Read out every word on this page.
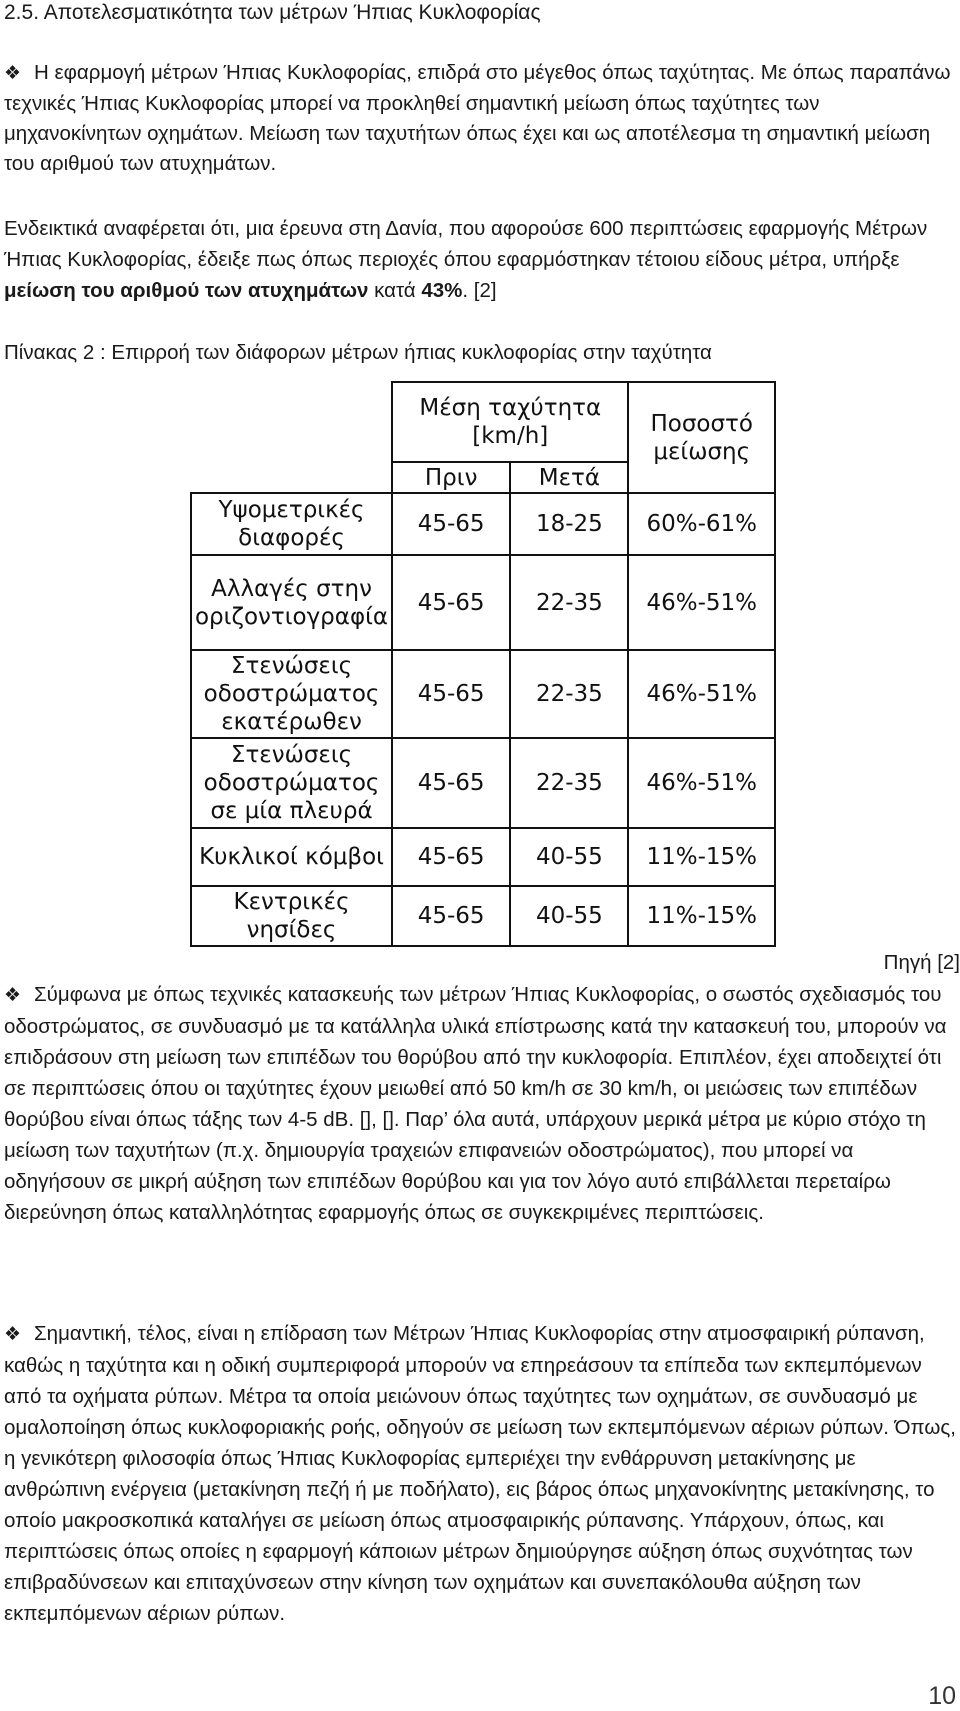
2.5. Αποτελεσματικότητα των μέτρων Ήπιας Κυκλοφορίας
❖ Η εφαρμογή μέτρων Ήπιας Κυκλοφορίας, επιδρά στο μέγεθος όπως ταχύτητας. Με όπως παραπάνω τεχνικές Ήπιας Κυκλοφορίας μπορεί να προκληθεί σημαντική μείωση όπως ταχύτητες των μηχανοκίνητων οχημάτων. Μείωση των ταχυτήτων όπως έχει και ως αποτέλεσμα τη σημαντική μείωση του αριθμού των ατυχημάτων.
Ενδεικτικά αναφέρεται ότι, μια έρευνα στη Δανία, που αφορούσε 600 περιπτώσεις εφαρμογής Μέτρων Ήπιας Κυκλοφορίας, έδειξε πως όπως περιοχές όπου εφαρμόστηκαν τέτοιου είδους μέτρα, υπήρξε μείωση του αριθμού των ατυχημάτων κατά 43%. [2]
Πίνακας 2 : Επιρροή των διάφορων μέτρων ήπιας κυκλοφορίας στην ταχύτητα
	Μέση ταχύτητα [km/h]		Ποσοστό μείωσης
	Πριν	Μετά	
Υψομετρικές διαφορές	45-65	18-25	60%-61%
Αλλαγές στην οριζοντιογραφία	45-65	22-35	46%-51%
Στενώσεις οδοστρώματος εκατέρωθεν	45-65	22-35	46%-51%
Στενώσεις οδοστρώματος σε μία πλευρά	45-65	22-35	46%-51%
Κυκλικοί κόμβοι	45-65	40-55	11%-15%
Κεντρικές νησίδες	45-65	40-55	11%-15%
Πηγή [2]
❖ Σύμφωνα με όπως τεχνικές κατασκευής των μέτρων Ήπιας Κυκλοφορίας, ο σωστός σχεδιασμός του οδοστρώματος, σε συνδυασμό με τα κατάλληλα υλικά επίστρωσης κατά την κατασκευή του, μπορούν να επιδράσουν στη μείωση των επιπέδων του θορύβου από την κυκλοφορία. Επιπλέον, έχει αποδειχτεί ότι σε περιπτώσεις όπου οι ταχύτητες έχουν μειωθεί από 50 km/h σε 30 km/h, οι μειώσεις των επιπέδων θορύβου είναι όπως τάξης των 4-5 dB. [], []. Παρ’ όλα αυτά, υπάρχουν μερικά μέτρα με κύριο στόχο τη μείωση των ταχυτήτων (π.χ. δημιουργία τραχειών επιφανειών οδοστρώματος), που μπορεί να οδηγήσουν σε μικρή αύξηση των επιπέδων θορύβου και για τον λόγο αυτό επιβάλλεται περεταίρω διερεύνηση όπως καταλληλότητας εφαρμογής όπως σε συγκεκριμένες περιπτώσεις.
❖ Σημαντική, τέλος, είναι η επίδραση των Μέτρων Ήπιας Κυκλοφορίας στην ατμοσφαιρική ρύπανση, καθώς η ταχύτητα και η οδική συμπεριφορά μπορούν να επηρεάσουν τα επίπεδα των εκπεμπόμενων από τα οχήματα ρύπων. Μέτρα τα οποία μειώνουν όπως ταχύτητες των οχημάτων, σε συνδυασμό με ομαλοποίηση όπως κυκλοφοριακής ροής, οδηγούν σε μείωση των εκπεμπόμενων αέριων ρύπων. Όπως, η γενικότερη φιλοσοφία όπως Ήπιας Κυκλοφορίας εμπεριέχει την ενθάρρυνση μετακίνησης με ανθρώπινη ενέργεια (μετακίνηση πεζή ή με ποδήλατο), εις βάρος όπως μηχανοκίνητης μετακίνησης, το οποίο μακροσκοπικά καταλήγει σε μείωση όπως ατμοσφαιρικής ρύπανσης. Υπάρχουν, όπως, και περιπτώσεις όπως οποίες η εφαρμογή κάποιων μέτρων δημιούργησε αύξηση όπως συχνότητας των επιβραδύνσεων και επιταχύνσεων στην κίνηση των οχημάτων και συνεπακόλουθα αύξηση των εκπεμπόμενων αέριων ρύπων.
10
